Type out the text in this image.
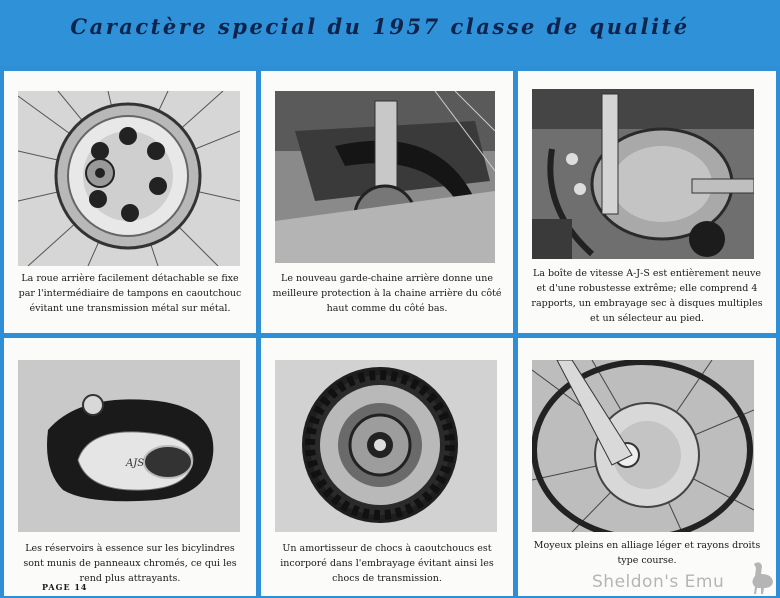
Caractère special du 1957 classe de qualité
La roue arrière facilement détachable se fixe par l'intermédiaire de tampons en caoutchouc évitant une transmission métal sur métal.
Le nouveau garde-chaine arrière donne une meilleure protection à la chaine arrière du côté haut comme du côté bas.
La boîte de vitesse A-J-S est entièrement neuve et d'une robustesse extrême; elle comprend 4 rapports, un embrayage sec à disques multiples et un sélecteur au pied.
AJS
Les réservoirs à essence sur les bicylindres sont munis de panneaux chromés, ce qui les rend plus attrayants.
Un amortisseur de chocs à caoutchoucs est incorporé dans l'embrayage évitant ainsi les chocs de transmission.
Moyeux pleins en alliage léger et rayons droits type course.
PAGE 14	Sheldon's Emu
